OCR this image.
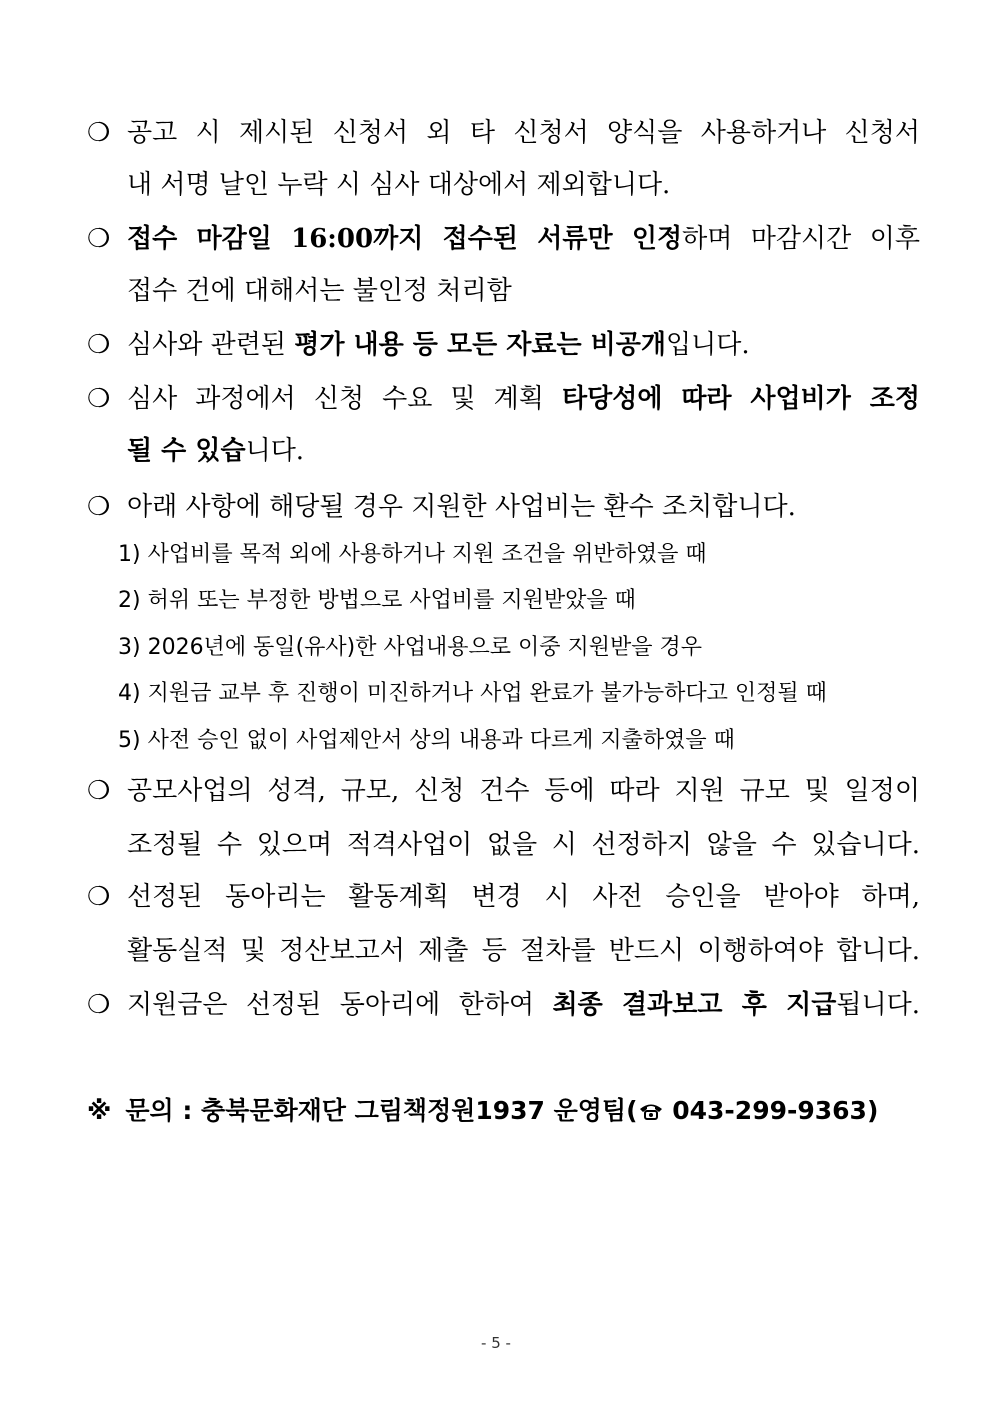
❍ 공고 시 제시된 신청서 외 타 신청서 양식을 사용하거나 신청서
내 서명 날인 누락 시 심사 대상에서 제외합니다.
❍ 접수 마감일 16:00까지 접수된 서류만 인정하며 마감시간 이후
접수 건에 대해서는 불인정 처리함
❍ 심사와 관련된 평가 내용 등 모든 자료는 비공개입니다.
❍ 심사 과정에서 신청 수요 및 계획 타당성에 따라 사업비가 조정
될 수 있습니다.
❍ 아래 사항에 해당될 경우 지원한 사업비는 환수 조치합니다.
1) 사업비를 목적 외에 사용하거나 지원 조건을 위반하였을 때
2) 허위 또는 부정한 방법으로 사업비를 지원받았을 때
3) 2026년에 동일(유사)한 사업내용으로 이중 지원받을 경우
4) 지원금 교부 후 진행이 미진하거나 사업 완료가 불가능하다고 인정될 때
5) 사전 승인 없이 사업제안서 상의 내용과 다르게 지출하였을 때
❍ 공모사업의 성격, 규모, 신청 건수 등에 따라 지원 규모 및 일정이
조정될 수 있으며 적격사업이 없을 시 선정하지 않을 수 있습니다.
❍ 선정된 동아리는 활동계획 변경 시 사전 승인을 받아야 하며,
활동실적 및 정산보고서 제출 등 절차를 반드시 이행하여야 합니다.
❍ 지원금은 선정된 동아리에 한하여 최종 결과보고 후 지급됩니다.
※ 문의 : 충북문화재단 그림책정원1937 운영팀( 043-299-9363)
- 5 -
